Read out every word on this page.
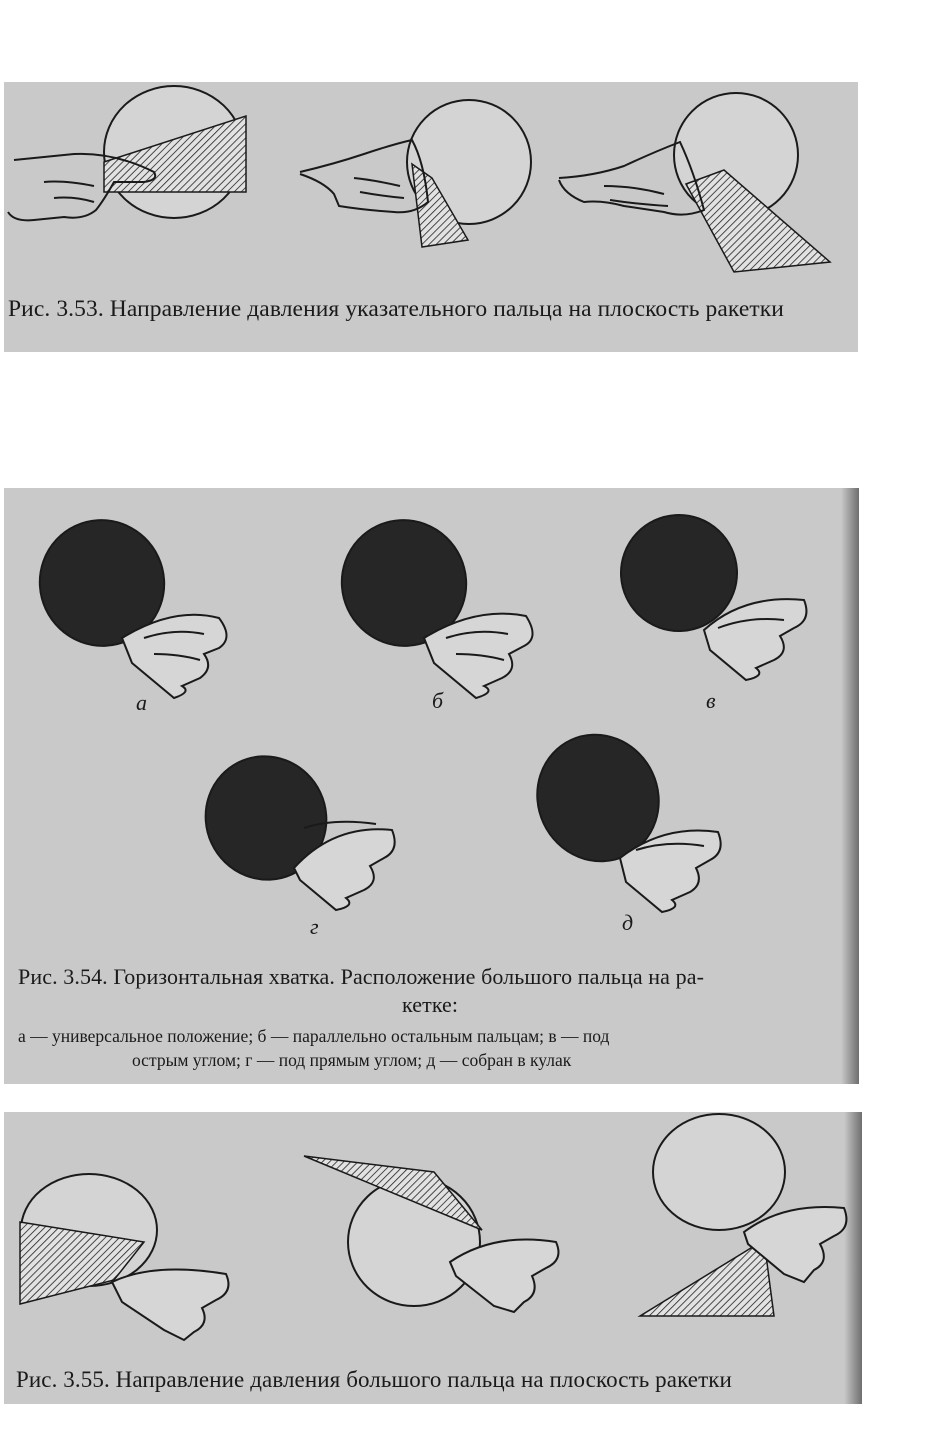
Рис. 3.53. Направление давления указательного пальца на плоскость ракетки
а	б	в
г	д
Рис. 3.54. Горизонтальная хватка. Расположение большого пальца на ра-
кетке:
а — универсальное положение; б — параллельно остальным пальцам; в — под
острым углом; г — под прямым углом; д — собран в кулак
Рис. 3.55. Направление давления большого пальца на плоскость ракетки
